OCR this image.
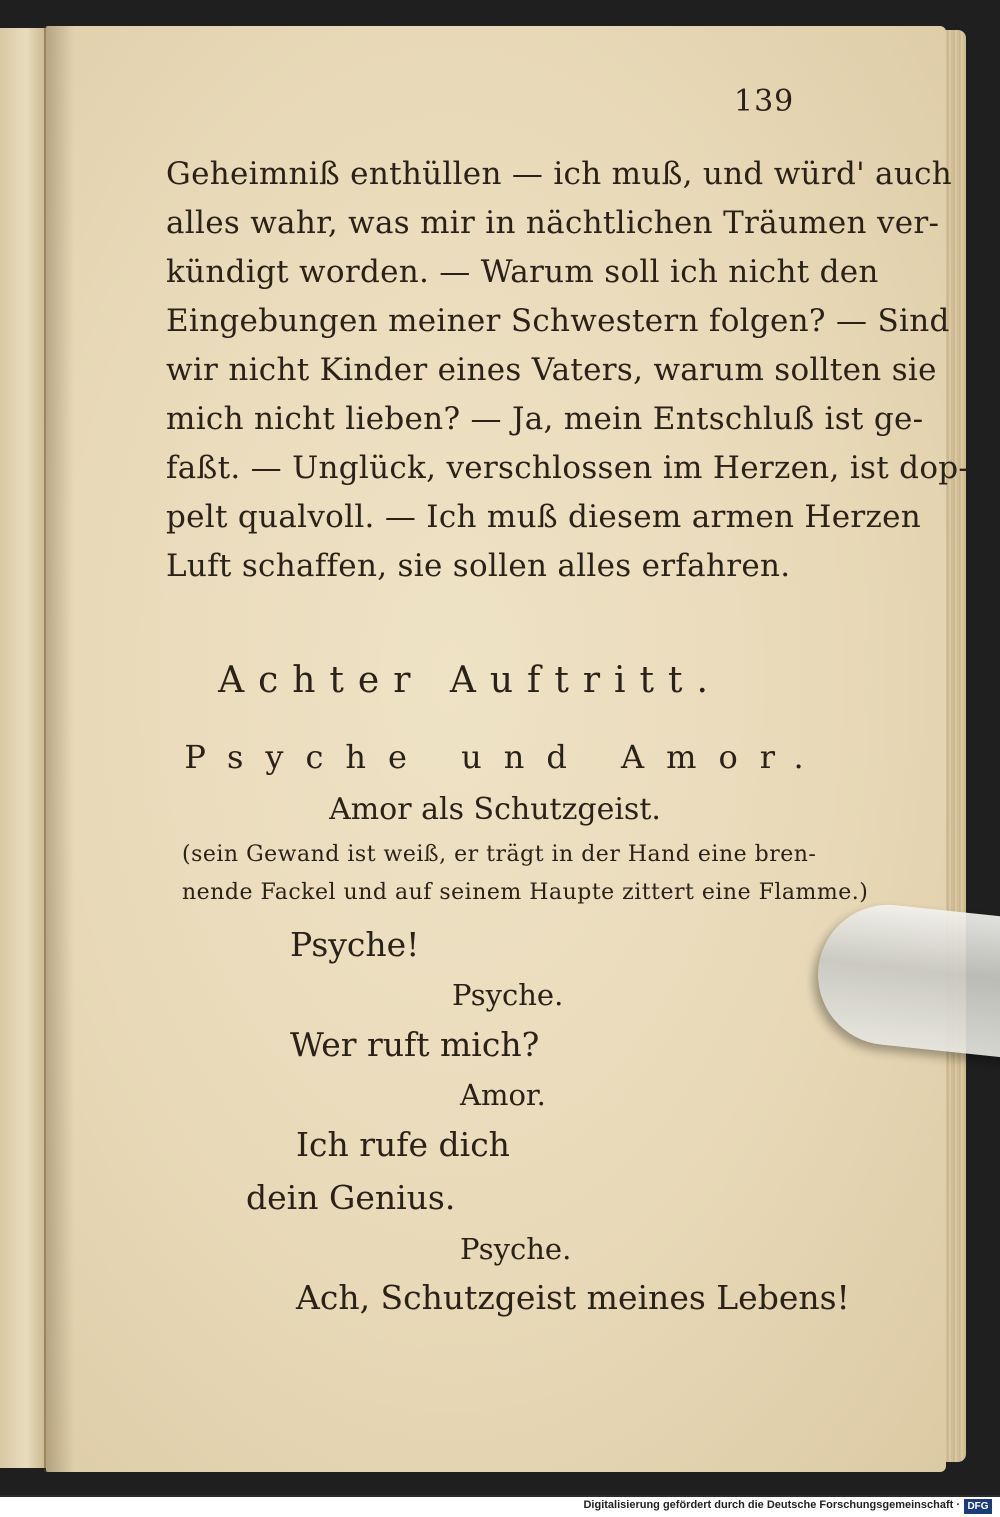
139
Geheimniß enthüllen — ich muß, und würd' auch
alles wahr, was mir in nächtlichen Träumen ver-
kündigt worden. — Warum soll ich nicht den
Eingebungen meiner Schwestern folgen? — Sind
wir nicht Kinder eines Vaters, warum sollten sie
mich nicht lieben? — Ja, mein Entschluß ist ge-
faßt. — Unglück, verschlossen im Herzen, ist dop-
pelt qualvoll. — Ich muß diesem armen Herzen
Luft schaffen, sie sollen alles erfahren.
Achter Auftritt.
Psyche und Amor.
Amor als Schutzgeist.
(sein Gewand ist weiß, er trägt in der Hand eine bren-
nende Fackel und auf seinem Haupte zittert eine Flamme.)
Psyche!
Psyche.
Wer ruft mich?
Amor.
Ich rufe dich
dein Genius.
Psyche.
Ach, Schutzgeist meines Lebens!
Digitalisierung gefördert durch die Deutsche Forschungsgemeinschaft · DFG
